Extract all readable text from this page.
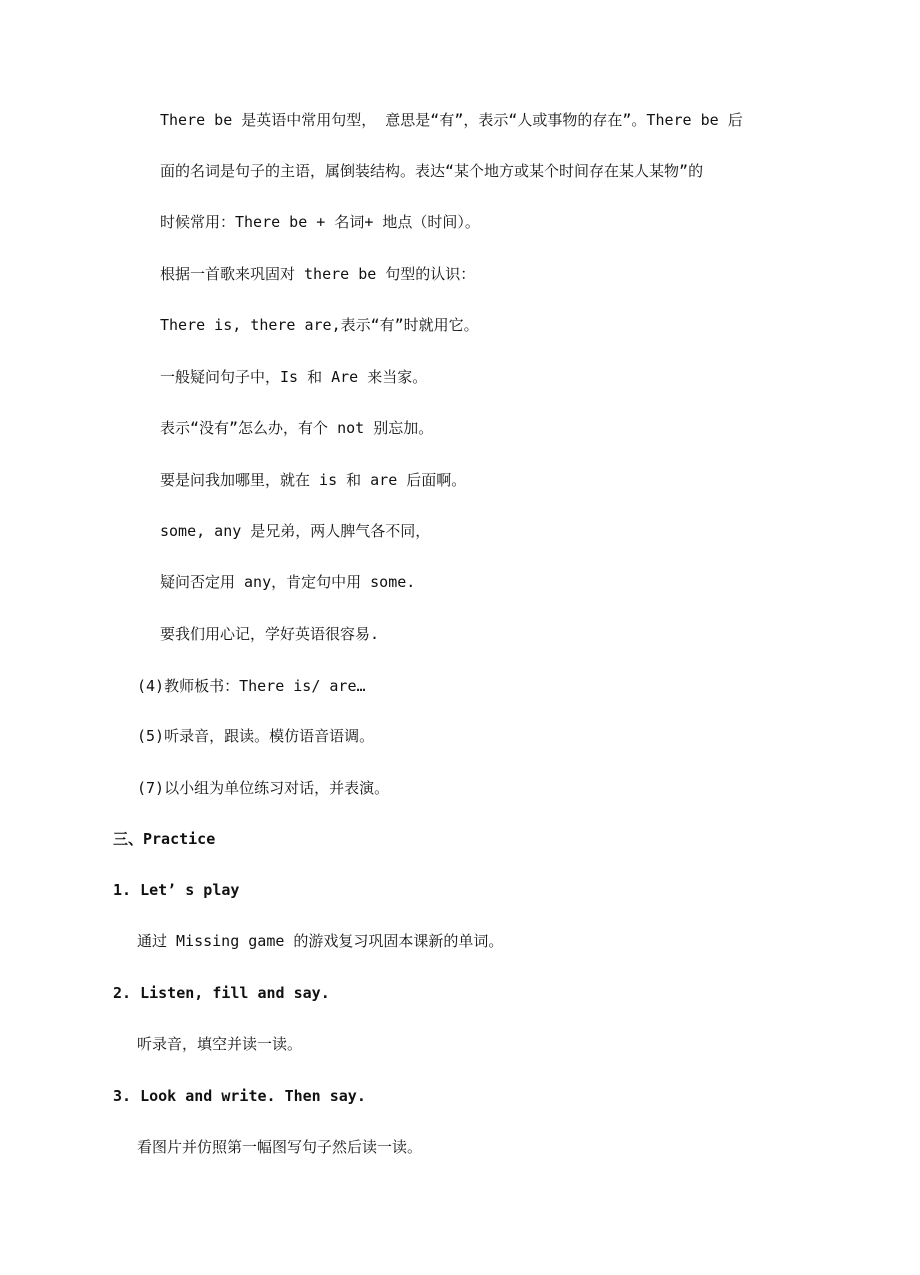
There be 是英语中常用句型， 意思是“有”，表示“人或事物的存在”。There be 后
面的名词是句子的主语，属倒装结构。表达“某个地方或某个时间存在某人某物”的
时候常用：There be + 名词+ 地点（时间）。
根据一首歌来巩固对 there be 句型的认识：
There is, there are,表示“有”时就用它。
一般疑问句子中，Is 和 Are 来当家。
表示“没有”怎么办，有个 not 别忘加。
要是问我加哪里，就在 is 和 are 后面啊。
some, any 是兄弟，两人脾气各不同，
疑问否定用 any，肯定句中用 some.
要我们用心记，学好英语很容易.
(4)教师板书：There is/ are…
(5)听录音，跟读。模仿语音语调。
(7)以小组为单位练习对话，并表演。
三、Practice
1. Let’ s play
通过 Missing game 的游戏复习巩固本课新的单词。
2. Listen, fill and say.
听录音，填空并读一读。
3. Look and write. Then say.
看图片并仿照第一幅图写句子然后读一读。
